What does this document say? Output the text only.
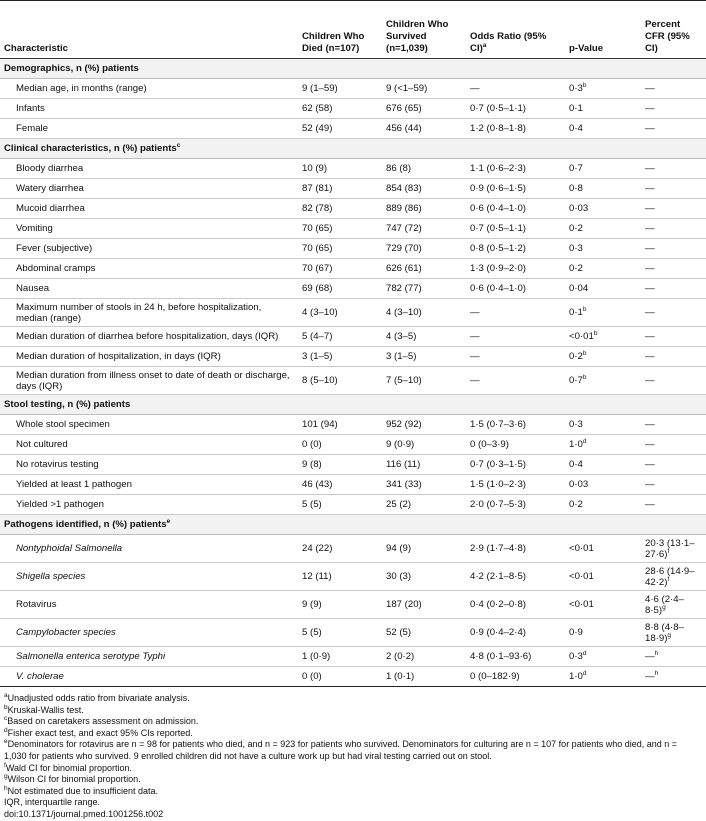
Characteristic	Children Who Died (n=107)	Children Who Survived (n=1,039)	Odds Ratio (95% CI)$^a$	p-Value	Percent CFR (95% CI)
Demographics, n (%) patients					
Median age, in months (range)	9 (1–59)	9 (<1–59)	—	$0\cdot 3^b$	—
Infants	62 (58)	676 (65)	0·7 (0·5–1·1)	0·1	—
Female	52 (49)	456 (44)	1·2 (0·8–1·8)	0·4	—
Clinical characteristics, n (%) patients$^c$
Bloody diarrhea	10 (9)	86 (8)	1·1 (0·6–2·3)	0·7	—
Watery diarrhea	87 (81)	854 (83)	0·9 (0·6–1·5)	0·8	—
Mucoid diarrhea	82 (78)	889 (86)	0·6 (0·4–1·0)	0·03	—
Vomiting	70 (65)	747 (72)	0·7 (0·5–1·1)	0·2	—
Fever (subjective)	70 (65)	729 (70)	0·8 (0·5–1·2)	0·3	—
Abdominal cramps	70 (67)	626 (61)	1·3 (0·9–2·0)	0·2	—
Nausea	69 (68)	782 (77)	0·6 (0·4–1·0)	0·04	—
Maximum number of stools in 24 h, before hospitalization, median (range)	4 (3–10)	4 (3–10)	—	$0\cdot 1^b$	—
Median duration of diarrhea before hospitalization, days (IQR)	5 (4–7)	4 (3–5)	—	$<0\cdot 01^b$	—
Median duration of hospitalization, in days (IQR)	3 (1–5)	3 (1–5)	—	$0\cdot 2^b$	—
Median duration from illness onset to date of death or discharge, days (IQR)	8 (5–10)	7 (5–10)	—	$0\cdot 7^b$	—
Stool testing, n (%) patients					
Whole stool specimen	101 (94)	952 (92)	1·5 (0·7–3·6)	0·3	—
Not cultured	0 (0)	9 (0·9)	0 (0–3·9)	$1\cdot 0^d$	—
No rotavirus testing	9 (8)	116 (11)	0·7 (0·3–1·5)	0·4	—
Yielded at least 1 pathogen	46 (43)	341 (33)	1·5 (1·0–2·3)	0·03	—
Yielded >1 pathogen	5 (5)	25 (2)	2·0 (0·7–5·3)	0·2	—
Pathogens identified, n (%) patients$^e$
Nontyphoidal Salmonella	24 (22)	94 (9)	2·9 (1·7–4·8)	<0·01	20·3 $(13\cdot 1-27\cdot 6)^f$
Shigella species	12 (11)	30 (3)	4·2 (2·1–8·5)	<0·01	28·6 $(14\cdot 9-42\cdot 2)^f$
Rotavirus	9 (9)	187 (20)	0·4 (0·2–0·8)	<0·01	4·6 $(2\cdot 4-8\cdot 5)^g$
Campylobacter species	5 (5)	52 (5)	0·9 (0·4–2·4)	0·9	8·8 $(4\cdot 8-18\cdot 9)^g$
Salmonella enterica serotype Typhi	1 (0·9)	2 (0·2)	4·8 (0·1–93·6)	$0\cdot 3^d$	—$^h$
V. cholerae	0 (0)	1 (0·1)	0 (0–182·9)	$1\cdot 0^d$	—$^h$
$^a$Unadjusted odds ratio from bivariate analysis.
$^b$Kruskal-Wallis test.
$^c$Based on caretakers assessment on admission.
$^d$Fisher exact test, and exact 95% CIs reported.
$^e$Denominators for rotavirus are n = 98 for patients who died, and n = 923 for patients who survived. Denominators for culturing are n = 107 for patients who died, and n = 1,030 for patients who survived. 9 enrolled children did not have a culture work up but had viral testing carried out on stool.
$^f$Wald CI for binomial proportion.
$^g$Wilson CI for binomial proportion.
$^h$Not estimated due to insufficient data.
IQR, interquartile range.
doi:10.1371/journal.pmed.1001256.t002
